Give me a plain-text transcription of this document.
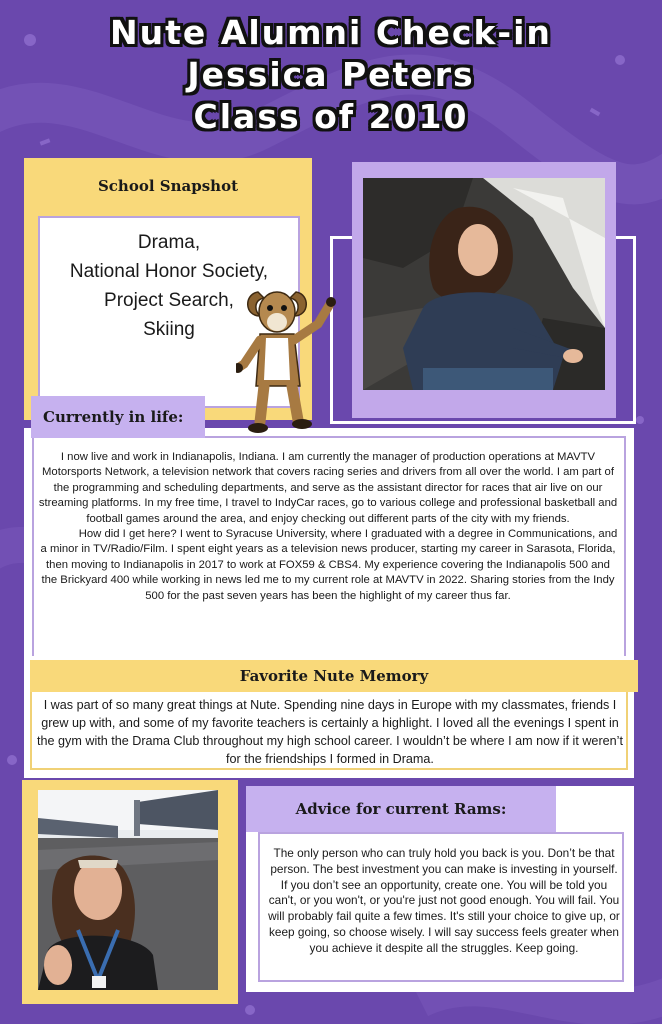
Nute Alumni Check-in
Jessica Peters
Class of 2010
School Snapshot
Drama,
National Honor Society,
Project Search,
Skiing

I now live and work in Indianapolis, Indiana. I am currently the manager of production operations at MAVTV Motorsports Network, a television network that covers racing series and drivers from all over the world. I am part of the programming and scheduling departments, and serve as the assistant director for races that air live on our streaming platforms. In my free time, I travel to IndyCar races, go to various college and professional basketball and football games around the area, and enjoy checking out different parts of the city with my friends.

How did I get here? I went to Syracuse University, where I graduated with a degree in Communications, and a minor in TV/Radio/Film. I spent eight years as a television news producer, starting my career in Sarasota, Florida, then moving to Indianapolis in 2017 to work at FOX59 & CBS4. My experience covering the Indianapolis 500 and the Brickyard 400 while working in news led me to my current role at MAVTV in 2022. Sharing stories from the Indy 500 for the past seven years has been the highlight of my career thus far.

Currently in life:
I was part of so many great things at Nute. Spending nine days in Europe with my classmates, friends I grew up with, and some of my favorite teachers is certainly a highlight. I loved all the evenings I spent in the gym with the Drama Club throughout my high school career. I wouldn’t be where I am now if it weren’t for the friendships I formed in Drama.
Favorite Nute Memory
Advice for current Rams:
The only person who can truly hold you back is you. Don’t be that person. The best investment you can make is investing in yourself. If you don’t see an opportunity, create one. You will be told you can't, or you won't, or you're just not good enough. You will fail. You will probably fail quite a few times. It's still your choice to give up, or keep going, so choose wisely. I will say success feels greater when you achieve it despite all the struggles. Keep going.
